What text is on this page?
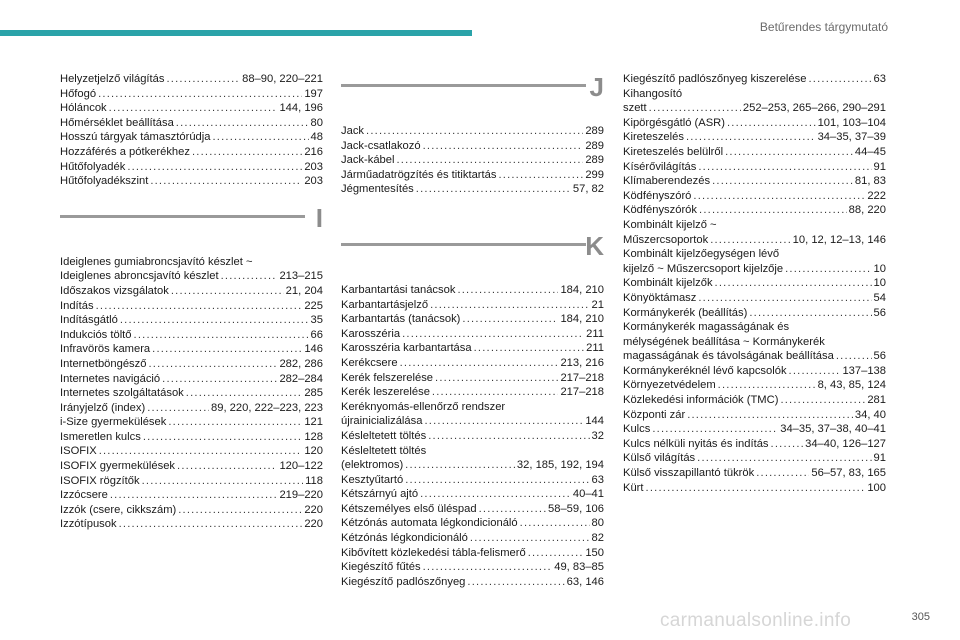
Betűrendes tárgymutató
Helyzetjelző világítás .....	88–90, 220–221
Hőfogó .....	197
Hóláncok .....	144, 196
Hőmérséklet beállítása .....	80
Hosszú tárgyak támasztórúdja .....	48
Hozzáférés a pótkerékhez .....	216
Hűtőfolyadék .....	203
Hűtőfolyadékszint .....	203
I
Ideiglenes gumiabroncsjavító készlet ~
Ideiglenes abroncsjavító készlet .....	213–215
Időszakos vizsgálatok .....	21, 204
Indítás .....	225
Indításgátló .....	35
Indukciós töltő .....	66
Infravörös kamera .....	146
Internetböngésző .....	282, 286
Internetes navigáció .....	282–284
Internetes szolgáltatások .....	285
Irányjelző (index) .....	89, 220, 222–223, 223
i-Size gyermekülések .....	121
Ismeretlen kulcs .....	128
ISOFIX .....	120
ISOFIX gyermekülések .....	120–122
ISOFIX rögzítők .....	118
Izzócsere .....	219–220
Izzók (csere, cikkszám) .....	220
Izzótípusok .....	220
J
Jack .....	289
Jack-csatlakozó .....	289
Jack-kábel .....	289
Járműadatrögzítés és titiktartás .....	299
Jégmentesítés .....	57, 82
K
Karbantartási tanácsok .....	184, 210
Karbantartásjelző .....	21
Karbantartás (tanácsok) .....	184, 210
Karosszéria .....	211
Karosszéria karbantartása .....	211
Kerékcsere .....	213, 216
Kerék felszerelése .....	217–218
Kerék leszerelése .....	217–218
Keréknyomás-ellenőrző rendszer
újrainicializálása .....	144
Késleltetett töltés .....	32
Késleltetett töltés
(elektromos) .....	32, 185, 192, 194
Kesztyűtartó .....	63
Kétszárnyú ajtó .....	40–41
Kétszemélyes első üléspad .....	58–59, 106
Kétzónás automata légkondicionáló .....	80
Kétzónás légkondicionáló .....	82
Kibővített közlekedési tábla-felismerő .....	150
Kiegészítő fűtés .....	49, 83–85
Kiegészítő padlószőnyeg .....	63, 146
Kiegészítő padlószőnyeg kiszerelése .....	63
Kihangosító
szett .....	252–253, 265–266, 290–291
Kipörgésgátló (ASR) .....	101, 103–104
Kireteszelés .....	34–35, 37–39
Kireteszelés belülről .....	44–45
Kísérővilágítás .....	91
Klímaberendezés .....	81, 83
Ködfényszóró .....	222
Ködfényszórók .....	88, 220
Kombinált kijelző ~
Műszercsoportok .....	10, 12, 12–13, 146
Kombinált kijelzőegységen lévő
kijelző ~ Műszercsoport kijelzője .....	10
Kombinált kijelzők .....	10
Könyöktámasz .....	54
Kormánykerék (beállítás) .....	56
Kormánykerék magasságának és
mélységének beállítása ~ Kormánykerék
magasságának és távolságának beállítása .....	56
Kormánykeréknél lévő kapcsolók .....	137–138
Környezetvédelem .....	8, 43, 85, 124
Közlekedési információk (TMC) .....	281
Központi zár .....	34, 40
Kulcs .....	34–35, 37–38, 40–41
Kulcs nélküli nyitás és indítás .....	34–40, 126–127
Külső világítás .....	91
Külső visszapillantó tükrök .....	56–57, 83, 165
Kürt .....	100
carmanualsonline.info	305
